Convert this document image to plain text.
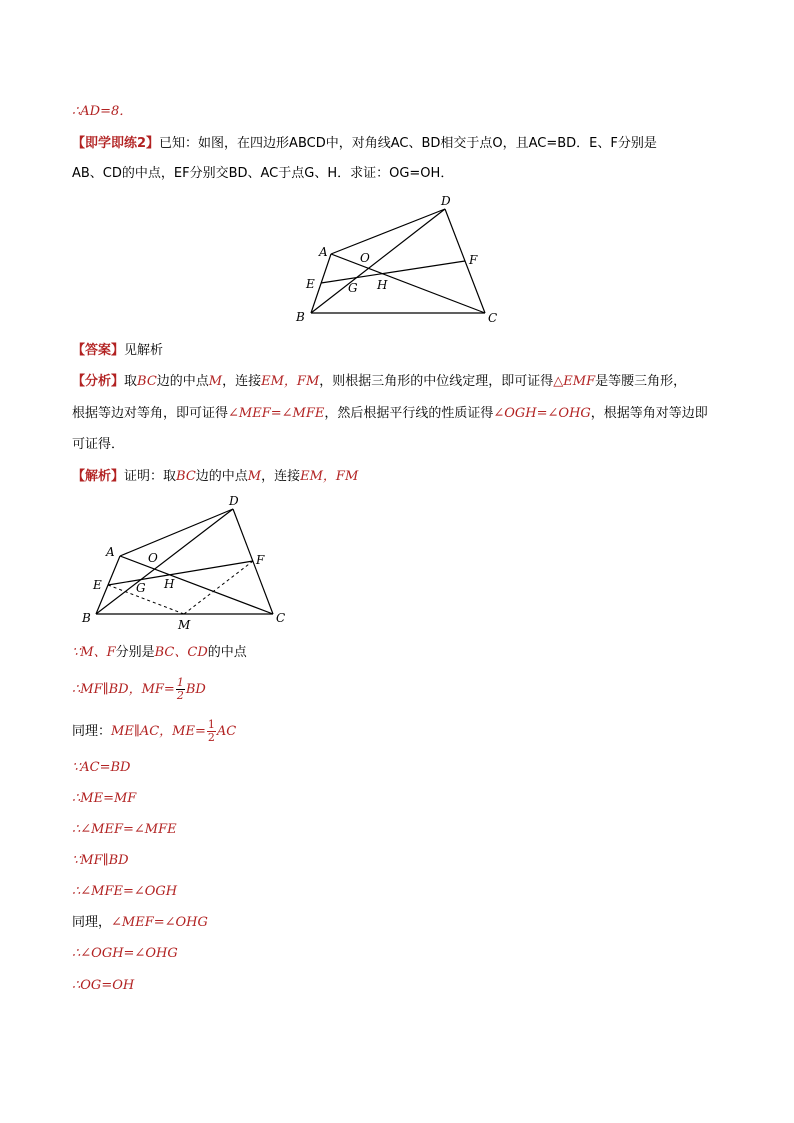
∴AD=8．
【即学即练2】已知：如图，在四边形ABCD中，对角线AC、BD相交于点O，且AC=BD．E、F分别是
AB、CD的中点，EF分别交BD、AC于点G、H．求证：OG=OH．
A
B	C
D
E
F
O
G H
【答案】见解析
【分析】取BC边的中点M，连接EM，FM，则根据三角形的中位线定理，即可证得△EMF是等腰三角形，
根据等边对等角，即可证得∠MEF=∠MFE，然后根据平行线的性质证得∠OGH=∠OHG，根据等角对等边即
可证得．
【解析】证明：取BC边的中点M，连接EM，FM
A
B	C
D
E
F
O
G H
M
∵M、F分别是BC、CD的中点
∴MF∥BD，$MF= \frac{1}{2}$ BD
同理：ME∥AC，$ME= \frac{1}{2}$ AC
∵AC=BD
∴ME=MF
∴∠MEF=∠MFE
∵MF∥BD
∴∠MFE=∠OGH
同理，∠MEF=∠OHG
∴∠OGH=∠OHG
∴OG=OH
